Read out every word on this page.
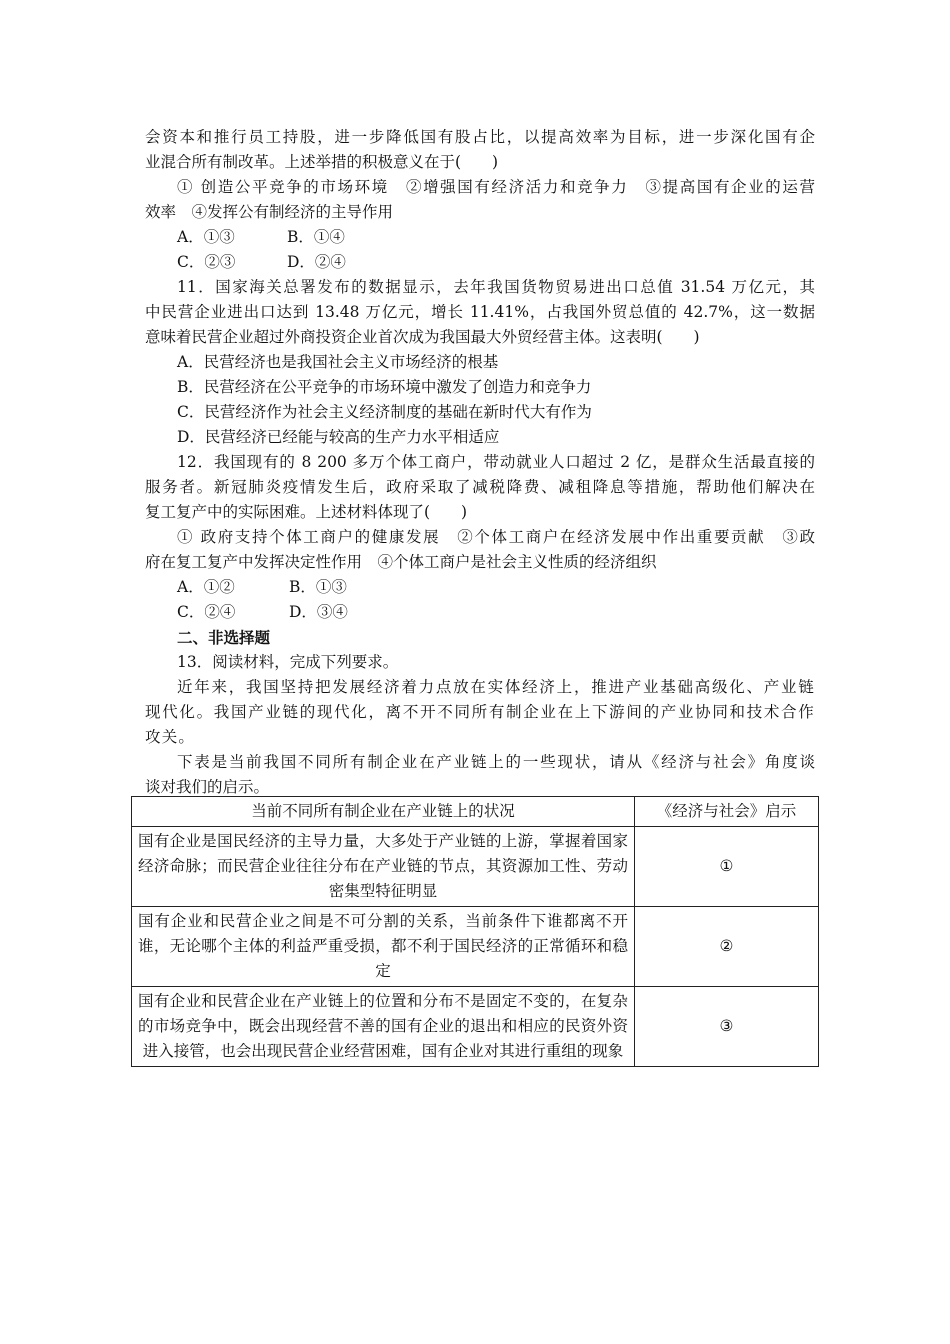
会资本和推行员工持股，进一步降低国有股占比，以提高效率为目标，进一步深化国有企
业混合所有制改革。上述举措的积极意义在于(　　)
① 创造公平竞争的市场环境　②增强国有经济活力和竞争力　③提高国有企业的运营
效率　④发挥公有制经济的主导作用
A．①③	B．①④
C．②③	D．②④
11．国家海关总署发布的数据显示，去年我国货物贸易进出口总值 31.54 万亿元，其
中民营企业进出口达到 13.48 万亿元，增长 11.41%，占我国外贸总值的 42.7%，这一数据
意味着民营企业超过外商投资企业首次成为我国最大外贸经营主体。这表明(　　)
A．民营经济也是我国社会主义市场经济的根基
B．民营经济在公平竞争的市场环境中激发了创造力和竞争力
C．民营经济作为社会主义经济制度的基础在新时代大有作为
D．民营经济已经能与较高的生产力水平相适应
12．我国现有的 8 200 多万个体工商户，带动就业人口超过 2 亿，是群众生活最直接的
服务者。新冠肺炎疫情发生后，政府采取了减税降费、减租降息等措施，帮助他们解决在
复工复产中的实际困难。上述材料体现了(　　)
① 政府支持个体工商户的健康发展　②个体工商户在经济发展中作出重要贡献　③政
府在复工复产中发挥决定性作用　④个体工商户是社会主义性质的经济组织
A．①②	B．①③
C．②④	D．③④
二、非选择题
13．阅读材料，完成下列要求。
近年来，我国坚持把发展经济着力点放在实体经济上，推进产业基础高级化、产业链
现代化。我国产业链的现代化，离不开不同所有制企业在上下游间的产业协同和技术合作
攻关。
下表是当前我国不同所有制企业在产业链上的一些现状，请从《经济与社会》角度谈
谈对我们的启示。
当前不同所有制企业在产业链上的状况	《经济与社会》启示
国有企业是国民经济的主导力量，大多处于产业链的上游，掌握着国家经济命脉；而民营企业往往分布在产业链的节点，其资源加工性、劳动密集型特征明显	①
国有企业和民营企业之间是不可分割的关系，当前条件下谁都离不开谁，无论哪个主体的利益严重受损，都不利于国民经济的正常循环和稳定	②
国有企业和民营企业在产业链上的位置和分布不是固定不变的，在复杂的市场竞争中，既会出现经营不善的国有企业的退出和相应的民资外资进入接管，也会出现民营企业经营困难，国有企业对其进行重组的现象	③
